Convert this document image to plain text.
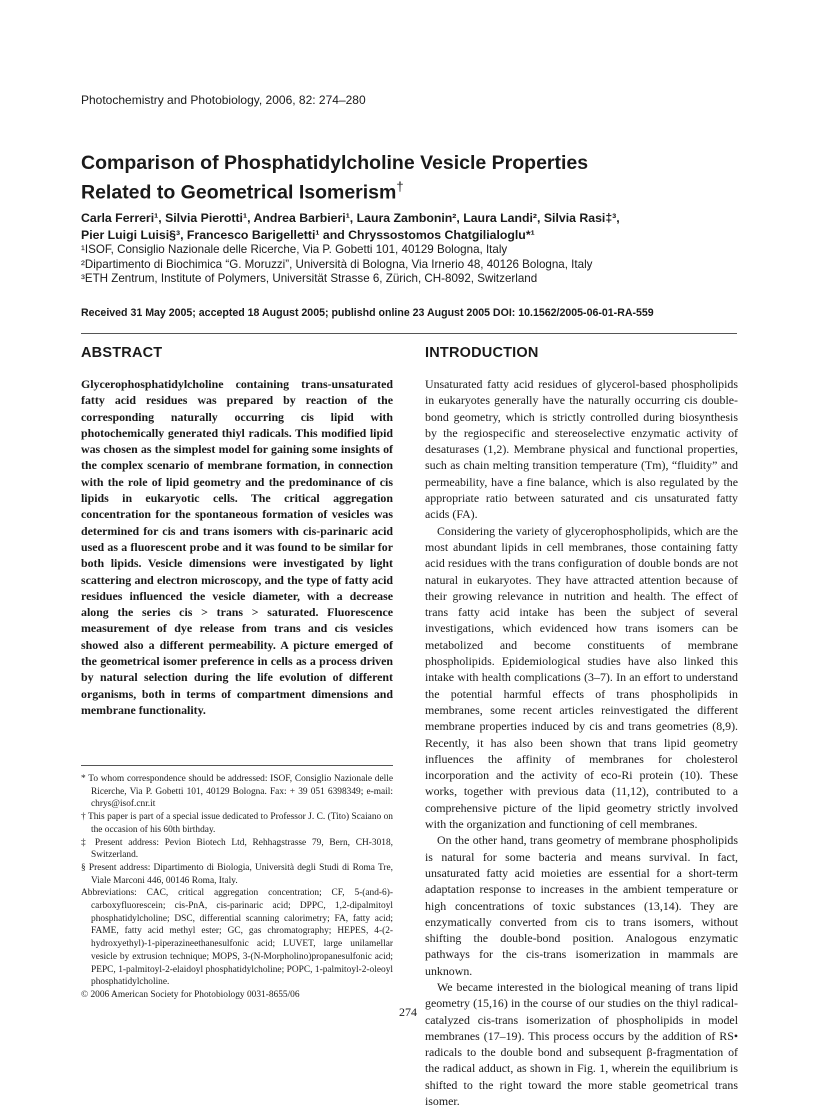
Photochemistry and Photobiology, 2006, 82: 274–280
Comparison of Phosphatidylcholine Vesicle Properties
Related to Geometrical Isomerism†
Carla Ferreri¹, Silvia Pierotti¹, Andrea Barbieri¹, Laura Zambonin², Laura Landi², Silvia Rasi‡³,
Pier Luigi Luisi§³, Francesco Barigelletti¹ and Chryssostomos Chatgilialoglu*¹
¹ISOF, Consiglio Nazionale delle Ricerche, Via P. Gobetti 101, 40129 Bologna, Italy
²Dipartimento di Biochimica “G. Moruzzi”, Università di Bologna, Via Irnerio 48, 40126 Bologna, Italy
³ETH Zentrum, Institute of Polymers, Universität Strasse 6, Zürich, CH-8092, Switzerland
Received 31 May 2005; accepted 18 August 2005; publishd online 23 August 2005 DOI: 10.1562/2005-06-01-RA-559
ABSTRACT

Glycerophosphatidylcholine containing trans-unsaturated fatty acid residues was prepared by reaction of the corresponding naturally occurring cis lipid with photochemically generated thiyl radicals. This modified lipid was chosen as the simplest model for gaining some insights of the complex scenario of membrane formation, in connection with the role of lipid geometry and the predominance of cis lipids in eukaryotic cells. The critical aggregation concentration for the spontaneous formation of vesicles was determined for cis and trans isomers with cis-parinaric acid used as a fluorescent probe and it was found to be similar for both lipids. Vesicle dimensions were investigated by light scattering and electron microscopy, and the type of fatty acid residues influenced the vesicle diameter, with a decrease along the series cis > trans > saturated. Fluorescence measurement of dye release from trans and cis vesicles showed also a different permeability. A picture emerged of the geometrical isomer preference in cells as a process driven by natural selection during the life evolution of different organisms, both in terms of compartment dimensions and membrane functionality.

INTRODUCTION

Unsaturated fatty acid residues of glycerol-based phospholipids in eukaryotes generally have the naturally occurring cis double-bond geometry, which is strictly controlled during biosynthesis by the regiospecific and stereoselective enzymatic activity of desaturases (1,2). Membrane physical and functional properties, such as chain melting transition temperature (Tm), “fluidity” and permeability, have a fine balance, which is also regulated by the appropriate ratio between saturated and cis unsaturated fatty acids (FA).

Considering the variety of glycerophospholipids, which are the most abundant lipids in cell membranes, those containing fatty acid residues with the trans configuration of double bonds are not natural in eukaryotes. They have attracted attention because of their growing relevance in nutrition and health. The effect of trans fatty acid intake has been the subject of several investigations, which evidenced how trans isomers can be metabolized and become constituents of membrane phospholipids. Epidemiological studies have also linked this intake with health complications (3–7). In an effort to understand the potential harmful effects of trans phospholipids in membranes, some recent articles reinvestigated the different membrane properties induced by cis and trans geometries (8,9). Recently, it has also been shown that trans lipid geometry influences the affinity of membranes for cholesterol incorporation and the activity of eco-Ri protein (10). These works, together with previous data (11,12), contributed to a comprehensive picture of the lipid geometry strictly involved with the organization and functioning of cell membranes.

On the other hand, trans geometry of membrane phospholipids is natural for some bacteria and means survival. In fact, unsaturated fatty acid moieties are essential for a short-term adaptation response to increases in the ambient temperature or high concentrations of toxic substances (13,14). They are enzymatically converted from cis to trans isomers, without shifting the double-bond position. Analogous enzymatic pathways for the cis-trans isomerization in mammals are unknown.

We became interested in the biological meaning of trans lipid geometry (15,16) in the course of our studies on the thiyl radical-catalyzed cis-trans isomerization of phospholipids in model membranes (17–19). This process occurs by the addition of RS• radicals to the double bond and subsequent β-fragmentation of the radical adduct, as shown in Fig. 1, wherein the equilibrium is shifted to the right toward the more stable geometrical trans isomer.

* To whom correspondence should be addressed: ISOF, Consiglio Nazionale delle Ricerche, Via P. Gobetti 101, 40129 Bologna. Fax: + 39 051 6398349; e-mail: chrys@isof.cnr.it

† This paper is part of a special issue dedicated to Professor J. C. (Tito) Scaiano on the occasion of his 60th birthday.

‡ Present address: Pevion Biotech Ltd, Rehhagstrasse 79, Bern, CH-3018, Switzerland.

§ Present address: Dipartimento di Biologia, Università degli Studi di Roma Tre, Viale Marconi 446, 00146 Roma, Italy.

Abbreviations: CAC, critical aggregation concentration; CF, 5-(and-6)-carboxyfluorescein; cis-PnA, cis-parinaric acid; DPPC, 1,2-dipalmitoyl phosphatidylcholine; DSC, differential scanning calorimetry; FA, fatty acid; FAME, fatty acid methyl ester; GC, gas chromatography; HEPES, 4-(2-hydroxyethyl)-1-piperazineethanesulfonic acid; LUVET, large unilamellar vesicle by extrusion technique; MOPS, 3-(N-Morpholino)propanesulfonic acid; PEPC, 1-palmitoyl-2-elaidoyl phosphatidylcholine; POPC, 1-palmitoyl-2-oleoyl phosphatidylcholine.

© 2006 American Society for Photobiology 0031-8655/06

274
